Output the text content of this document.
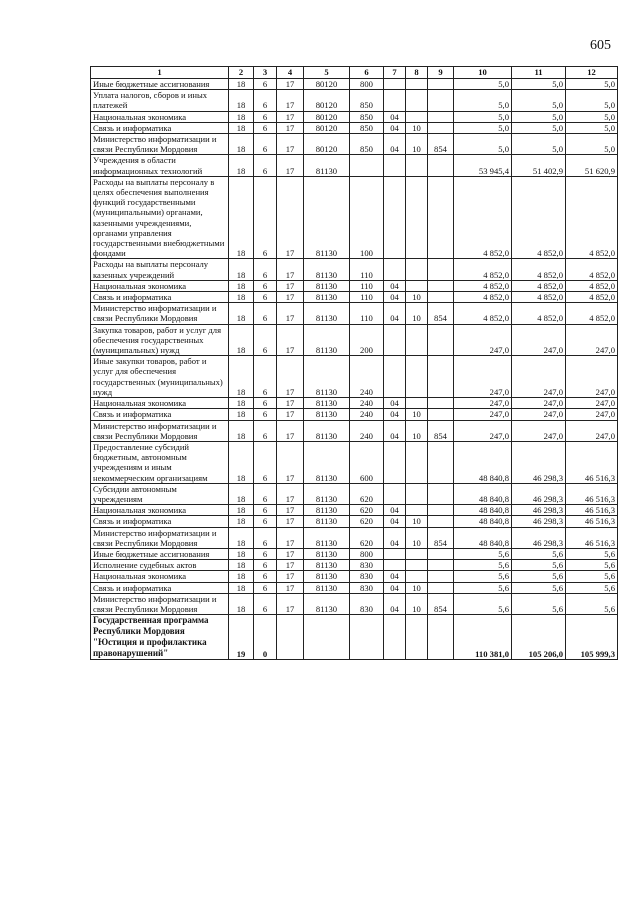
605
1	2	3	4	5	6	7	8	9	10	11	12
Иные бюджетные ассигнования	18	6	17	80120	800				5,0	5,0	5,0
Уплата налогов, сборов и иных платежей	18	6	17	80120	850				5,0	5,0	5,0
Национальная экономика	18	6	17	80120	850	04			5,0	5,0	5,0
Связь и информатика	18	6	17	80120	850	04	10		5,0	5,0	5,0
Министерство информатизации и связи Республики Мордовия	18	6	17	80120	850	04	10	854	5,0	5,0	5,0
Учреждения в области информационных технологий	18	6	17	81130					53 945,4	51 402,9	51 620,9
Расходы на выплаты персоналу в целях обеспечения выполнения функций государственными (муниципальными) органами, казенными учреждениями, органами управления государственными внебюджетными фондами	18	6	17	81130	100				4 852,0	4 852,0	4 852,0
Расходы на выплаты персоналу казенных учреждений	18	6	17	81130	110				4 852,0	4 852,0	4 852,0
Национальная экономика	18	6	17	81130	110	04			4 852,0	4 852,0	4 852,0
Связь и информатика	18	6	17	81130	110	04	10		4 852,0	4 852,0	4 852,0
Министерство информатизации и связи Республики Мордовия	18	6	17	81130	110	04	10	854	4 852,0	4 852,0	4 852,0
Закупка товаров, работ и услуг для обеспечения государственных (муниципальных) нужд	18	6	17	81130	200				247,0	247,0	247,0
Иные закупки товаров, работ и услуг для обеспечения государственных (муниципальных) нужд	18	6	17	81130	240				247,0	247,0	247,0
Национальная экономика	18	6	17	81130	240	04			247,0	247,0	247,0
Связь и информатика	18	6	17	81130	240	04	10		247,0	247,0	247,0
Министерство информатизации и связи Республики Мордовия	18	6	17	81130	240	04	10	854	247,0	247,0	247,0
Предоставление субсидий бюджетным, автономным учреждениям и иным некоммерческим организациям	18	6	17	81130	600				48 840,8	46 298,3	46 516,3
Субсидии автономным учреждениям	18	6	17	81130	620				48 840,8	46 298,3	46 516,3
Национальная экономика	18	6	17	81130	620	04			48 840,8	46 298,3	46 516,3
Связь и информатика	18	6	17	81130	620	04	10		48 840,8	46 298,3	46 516,3
Министерство информатизации и связи Республики Мордовия	18	6	17	81130	620	04	10	854	48 840,8	46 298,3	46 516,3
Иные бюджетные ассигнования	18	6	17	81130	800				5,6	5,6	5,6
Исполнение судебных актов	18	6	17	81130	830				5,6	5,6	5,6
Национальная экономика	18	6	17	81130	830	04			5,6	5,6	5,6
Связь и информатика	18	6	17	81130	830	04	10		5,6	5,6	5,6
Министерство информатизации и связи Республики Мордовия	18	6	17	81130	830	04	10	854	5,6	5,6	5,6
Государственная программа Республики Мордовия "Юстиция и профилактика правонарушений"	19	0							110 381,0	105 206,0	105 999,3
